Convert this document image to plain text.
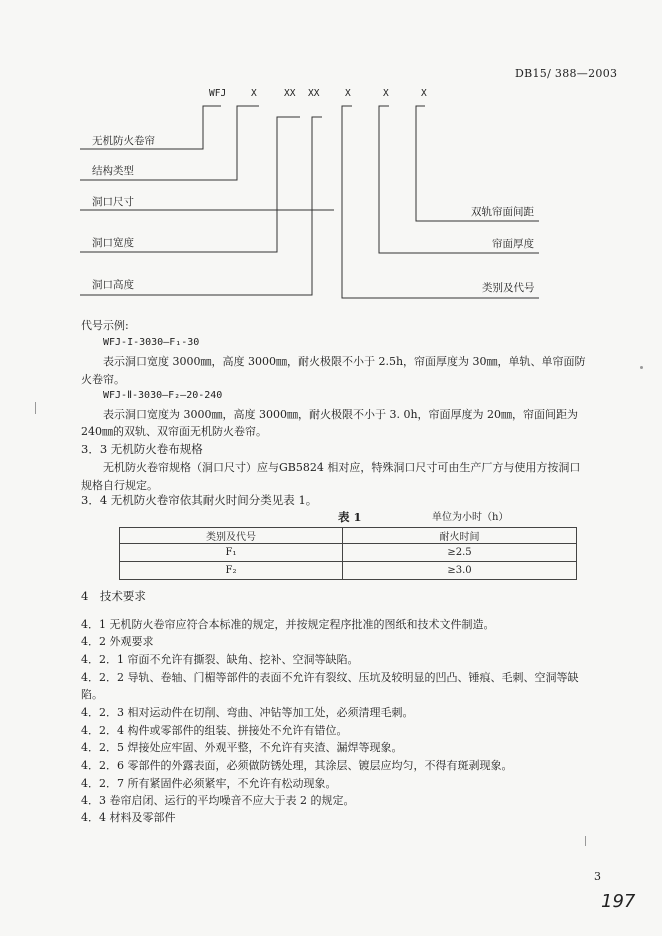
DB15/ 388—2003
WFJ	X	XX XX	X	X	X
无机防火卷帘
结构类型
洞口尺寸
洞口宽度
洞口高度
双轨帘面间距
帘面厚度
类别及代号
代号示例:
WFJ-I-3030—F₁-30
表示洞口宽度 3000㎜，高度 3000㎜，耐火极限不小于 2.5h，帘面厚度为 30㎜，单轨、单帘面防
火卷帘。
WFJ-Ⅱ-3030—F₂—20-240
表示洞口宽度为 3000㎜，高度 3000㎜，耐火极限不小于 3. 0h，帘面厚度为 20㎜，帘面间距为
240㎜的双轨、双帘面无机防火卷帘。
3．3 无机防火卷布规格
无机防火卷帘规格（洞口尺寸）应与GB5824 相对应，特殊洞口尺寸可由生产厂方与使用方按洞口
规格自行规定。
3．4 无机防火卷帘依其耐火时间分类见表 1。
表 1	单位为小时（h）
类别及代号	耐火时间
F₁	≥2.5
F₂	≥3.0
4　技术要求
4．1 无机防火卷帘应符合本标准的规定，并按规定程序批准的图纸和技术文件制造。
4．2 外观要求
4．2．1 帘面不允许有撕裂、缺角、挖补、空洞等缺陷。
4．2．2 导轨、卷轴、门楣等部件的表面不允许有裂纹、压坑及较明显的凹凸、锤痕、毛刺、空洞等缺
陷。
4．2．3 相对运动件在切削、弯曲、冲钻等加工处，必须清理毛刺。
4．2．4 构件或零部件的组装、拼接处不允许有错位。
4．2．5 焊接处应牢固、外观平整，不允许有夹渣、漏焊等现象。
4．2．6 零部件的外露表面，必须做防锈处理，其涂层、镀层应均匀，不得有斑剥现象。
4．2．7 所有紧固件必须紧牢，不允许有松动现象。
4．3 卷帘启闭、运行的平均噪音不应大于表 2 的规定。
4．4 材料及零部件
3
197
